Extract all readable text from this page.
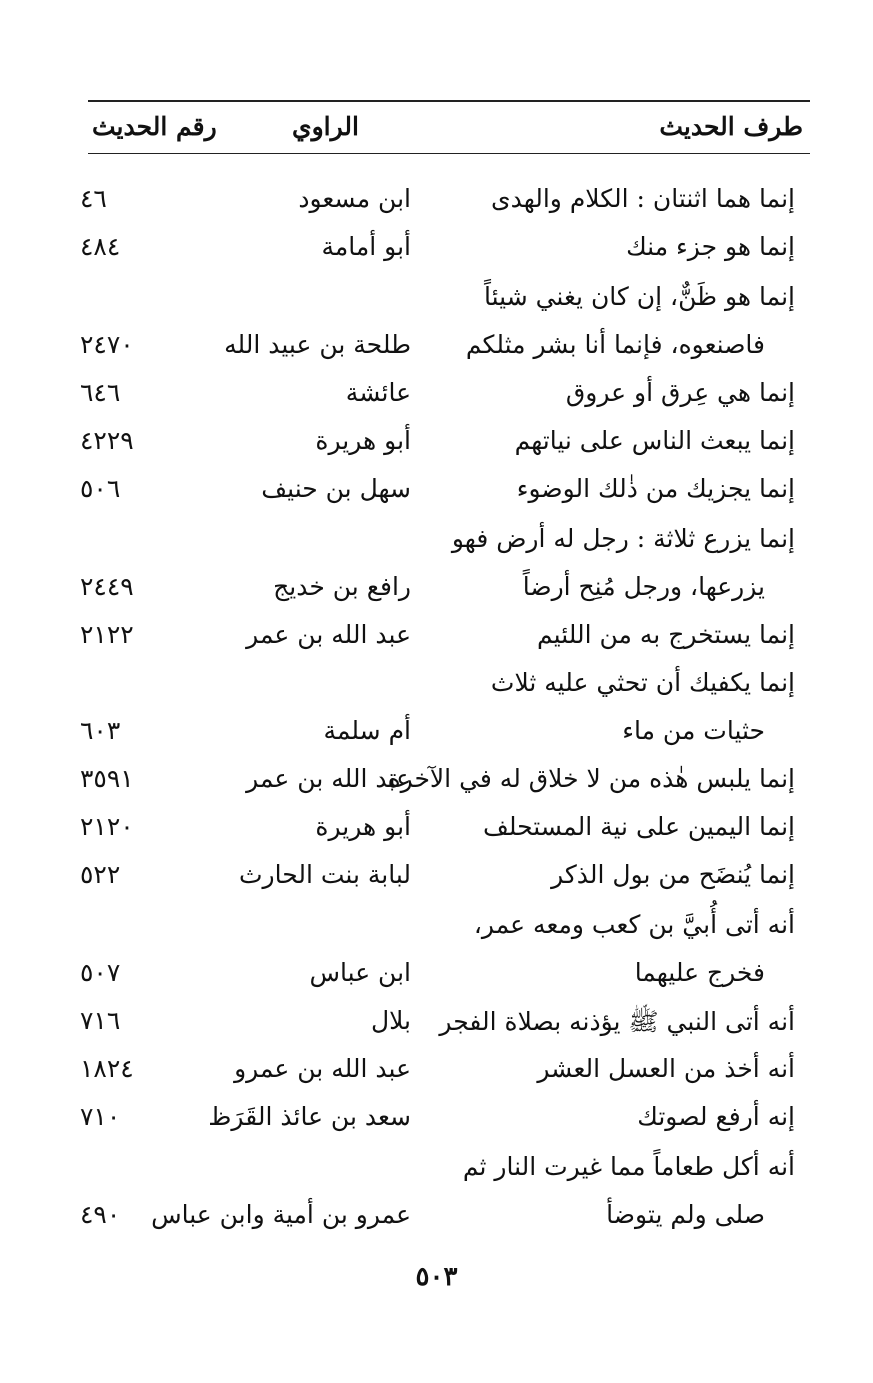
طرف الحديث
الراوي
رقم الحديث
إنما هما اثنتان : الكلام والهدى
ابن مسعود
٤٦
إنما هو جزء منك
أبو أمامة
٤٨٤
إنما هو ظَنٌّ، إن كان يغني شيئاً
فاصنعوه، فإنما أنا بشر مثلكم
طلحة بن عبيد الله
٢٤٧٠
إنما هي عِرق أو عروق
عائشة
٦٤٦
إنما يبعث الناس على نياتهم
أبو هريرة
٤٢٢٩
إنما يجزيك من ذٰلك الوضوء
سهل بن حنيف
٥٠٦
إنما يزرع ثلاثة : رجل له أرض فهو
يزرعها، ورجل مُنِح أرضاً
رافع بن خديج
٢٤٤٩
إنما يستخرج به من اللئيم
عبد الله بن عمر
٢١٢٢
إنما يكفيك أن تحثي عليه ثلاث
حثيات من ماء
أم سلمة
٦٠٣
إنما يلبس هٰذه من لا خلاق له في الآخرة
عبد الله بن عمر
٣٥٩١
إنما اليمين على نية المستحلف
أبو هريرة
٢١٢٠
إنما يُنضَح من بول الذكر
لبابة بنت الحارث
٥٢٢
أنه أتى أُبيَّ بن كعب ومعه عمر،
فخرج عليهما
ابن عباس
٥٠٧
أنه أتى النبي ﷺ يؤذنه بصلاة الفجر
بلال
٧١٦
أنه أخذ من العسل العشر
عبد الله بن عمرو
١٨٢٤
إنه أرفع لصوتك
سعد بن عائذ القَرَظ
٧١٠
أنه أكل طعاماً مما غيرت النار ثم
صلى ولم يتوضأ
عمرو بن أمية وابن عباس
٤٩٠
٥٠٣
